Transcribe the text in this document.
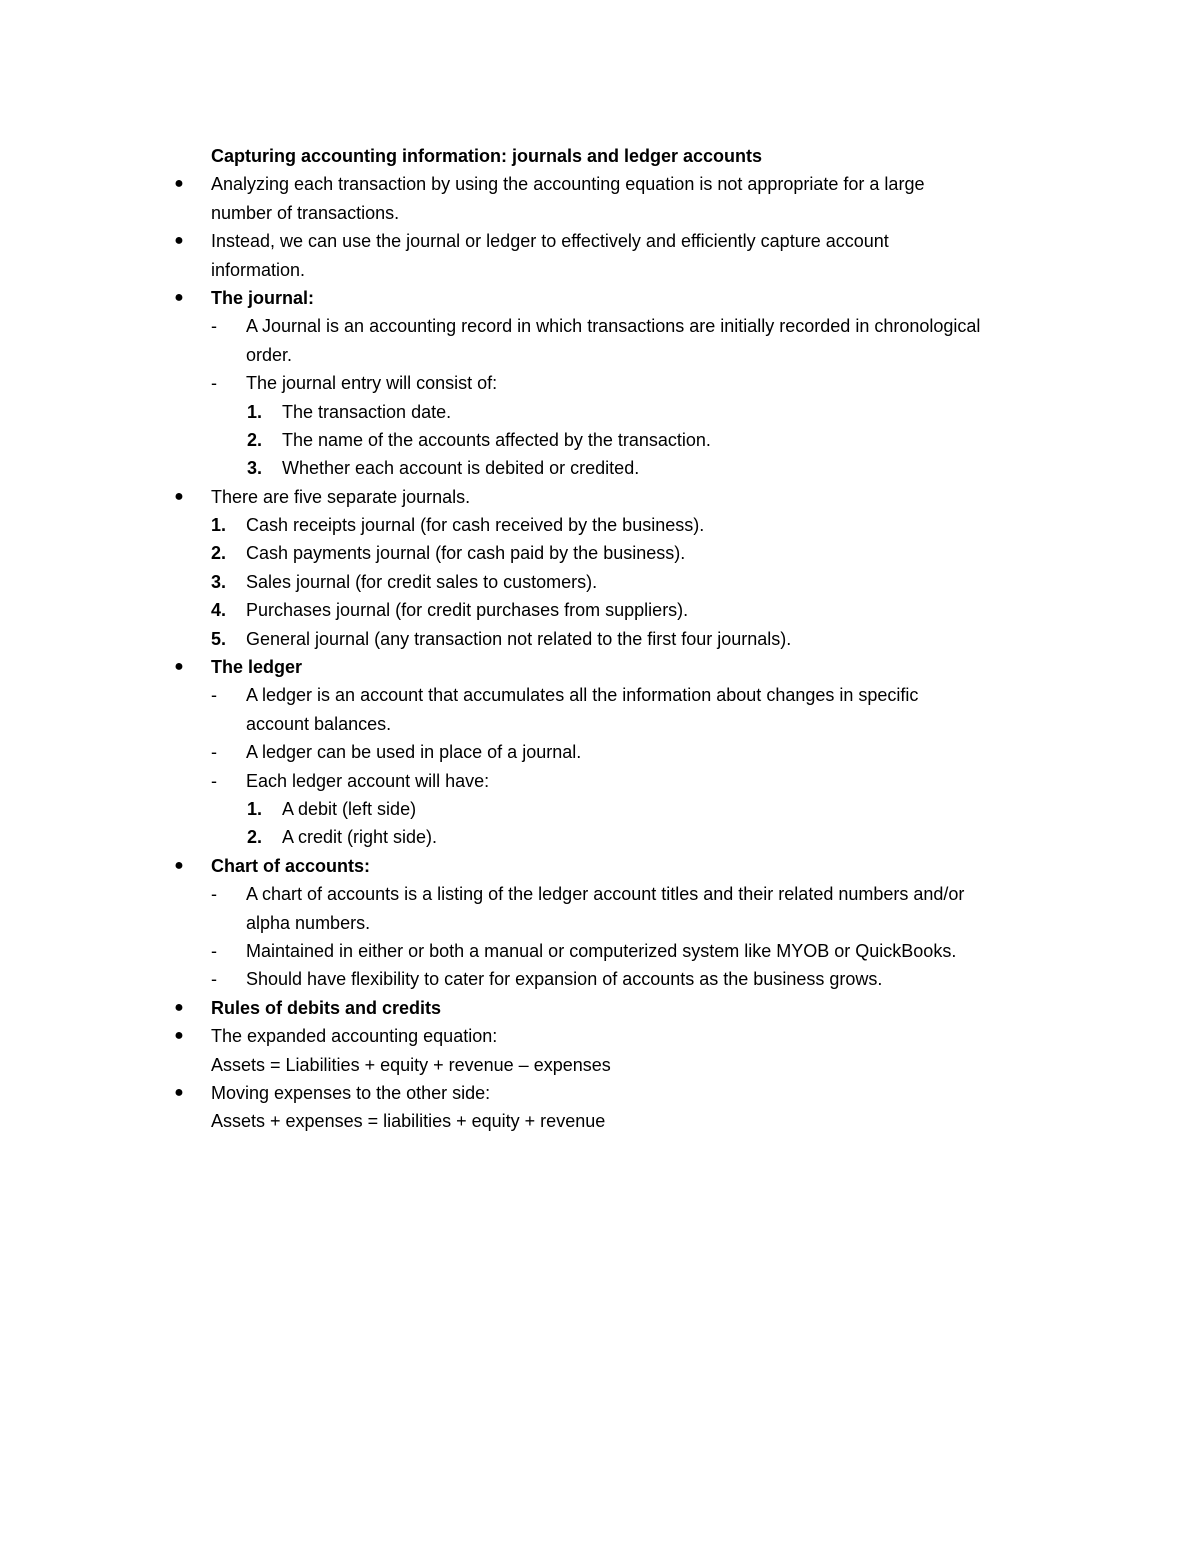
Capturing accounting information: journals and ledger accounts
● Analyzing each transaction by using the accounting equation is not appropriate for a large
number of transactions.
● Instead, we can use the journal or ledger to effectively and efficiently capture account
information.
● The journal:
- A Journal is an accounting record in which transactions are initially recorded in chronological
order.
- The journal entry will consist of:
1. The transaction date.
2. The name of the accounts affected by the transaction.
3. Whether each account is debited or credited.
● There are five separate journals.
1. Cash receipts journal (for cash received by the business).
2. Cash payments journal (for cash paid by the business).
3. Sales journal (for credit sales to customers).
4. Purchases journal (for credit purchases from suppliers).
5. General journal (any transaction not related to the first four journals).
● The ledger
- A ledger is an account that accumulates all the information about changes in specific
account balances.
- A ledger can be used in place of a journal.
- Each ledger account will have:
1. A debit (left side)
2. A credit (right side).
● Chart of accounts:
- A chart of accounts is a listing of the ledger account titles and their related numbers and/or
alpha numbers.
- Maintained in either or both a manual or computerized system like MYOB or QuickBooks.
- Should have flexibility to cater for expansion of accounts as the business grows.
● Rules of debits and credits
● The expanded accounting equation:
Assets = Liabilities + equity + revenue – expenses
● Moving expenses to the other side:
Assets + expenses = liabilities + equity + revenue
